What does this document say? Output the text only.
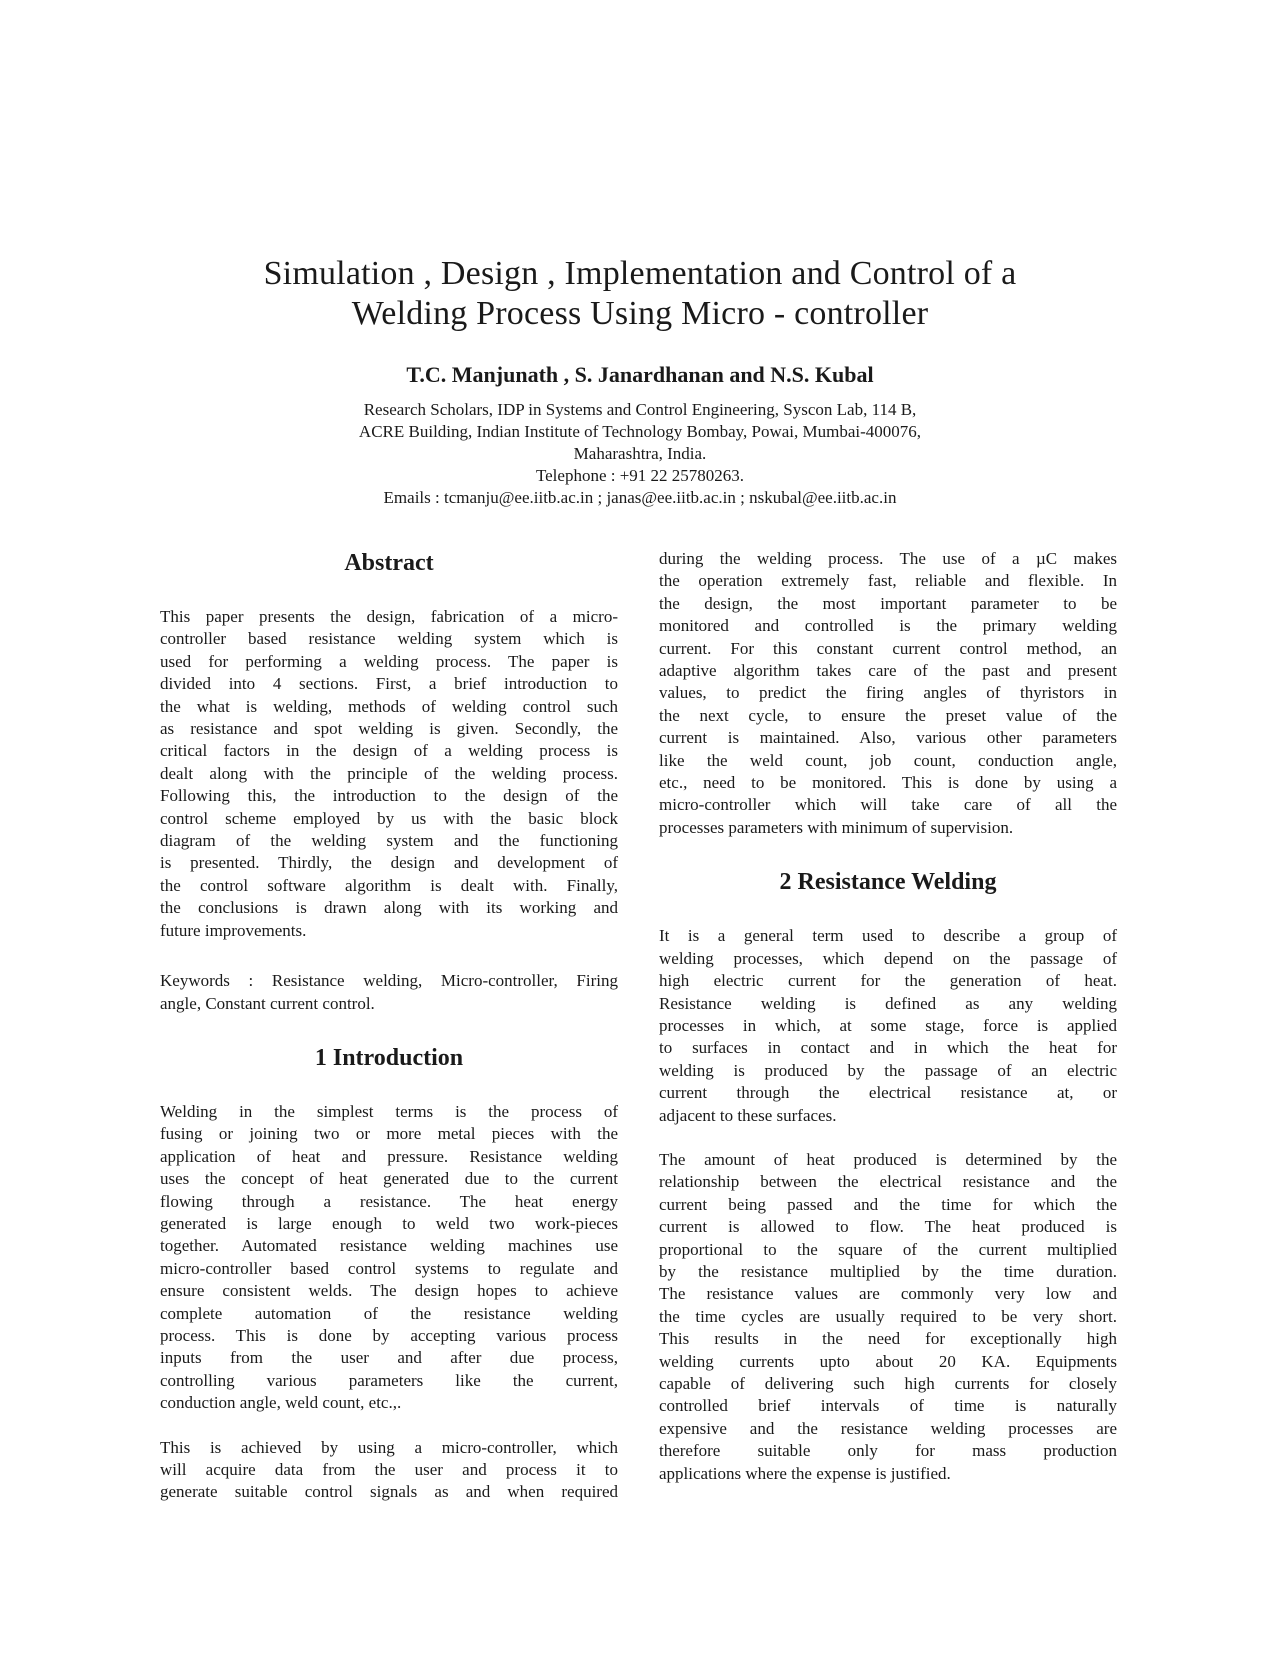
Simulation , Design , Implementation and Control of a
Welding Process Using Micro - controller
T.C. Manjunath , S. Janardhanan and N.S. Kubal
Research Scholars, IDP in Systems and Control Engineering, Syscon Lab, 114 B,
ACRE Building, Indian Institute of Technology Bombay, Powai, Mumbai-400076,
Maharashtra, India.
Telephone : +91 22 25780263.
Emails : tcmanju@ee.iitb.ac.in ; janas@ee.iitb.ac.in ; nskubal@ee.iitb.ac.in
Abstract
This paper presents the design, fabrication of a micro-
controller based resistance welding system which is
used for performing a welding process. The paper is
divided into 4 sections. First, a brief introduction to
the what is welding, methods of welding control such
as resistance and spot welding is given. Secondly, the
critical factors in the design of a welding process is
dealt along with the principle of the welding process.
Following this, the introduction to the design of the
control scheme employed by us with the basic block
diagram of the welding system and the functioning
is presented. Thirdly, the design and development of
the control software algorithm is dealt with. Finally,
the conclusions is drawn along with its working and
future improvements.
Keywords : Resistance welding, Micro-controller, Firing
angle, Constant current control.
1 Introduction
Welding in the simplest terms is the process of
fusing or joining two or more metal pieces with the
application of heat and pressure. Resistance welding
uses the concept of heat generated due to the current
flowing through a resistance. The heat energy
generated is large enough to weld two work-pieces
together. Automated resistance welding machines use
micro-controller based control systems to regulate and
ensure consistent welds. The design hopes to achieve
complete automation of the resistance welding
process. This is done by accepting various process
inputs from the user and after due process,
controlling various parameters like the current,
conduction angle, weld count, etc.,.
This is achieved by using a micro-controller, which
will acquire data from the user and process it to
generate suitable control signals as and when required
during the welding process. The use of a µC makes
the operation extremely fast, reliable and flexible. In
the design, the most important parameter to be
monitored and controlled is the primary welding
current. For this constant current control method, an
adaptive algorithm takes care of the past and present
values, to predict the firing angles of thyristors in
the next cycle, to ensure the preset value of the
current is maintained. Also, various other parameters
like the weld count, job count, conduction angle,
etc., need to be monitored. This is done by using a
micro-controller which will take care of all the
processes parameters with minimum of supervision.
2 Resistance Welding
It is a general term used to describe a group of
welding processes, which depend on the passage of
high electric current for the generation of heat.
Resistance welding is defined as any welding
processes in which, at some stage, force is applied
to surfaces in contact and in which the heat for
welding is produced by the passage of an electric
current through the electrical resistance at, or
adjacent to these surfaces.
The amount of heat produced is determined by the
relationship between the electrical resistance and the
current being passed and the time for which the
current is allowed to flow. The heat produced is
proportional to the square of the current multiplied
by the resistance multiplied by the time duration.
The resistance values are commonly very low and
the time cycles are usually required to be very short.
This results in the need for exceptionally high
welding currents upto about 20 KA. Equipments
capable of delivering such high currents for closely
controlled brief intervals of time is naturally
expensive and the resistance welding processes are
therefore suitable only for mass production
applications where the expense is justified.
